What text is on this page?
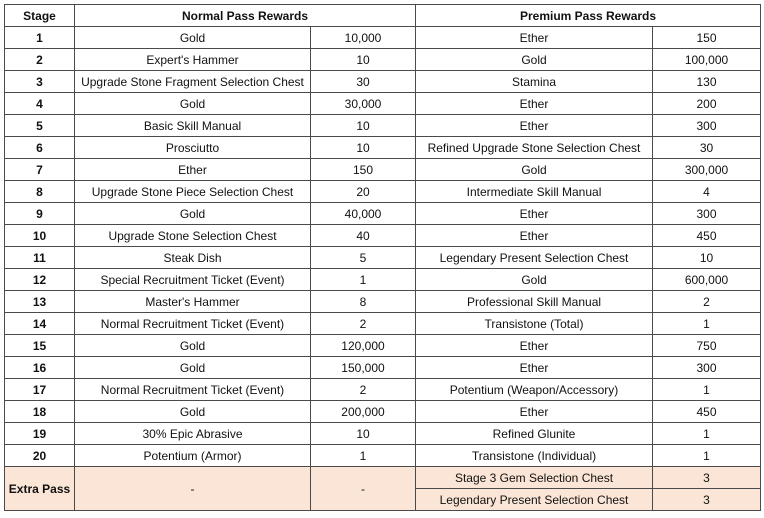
Stage	Normal Pass Rewards		Premium Pass Rewards	
1	Gold	10,000	Ether	150
2	Expert's Hammer	10	Gold	100,000
3	Upgrade Stone Fragment Selection Chest	30	Stamina	130
4	Gold	30,000	Ether	200
5	Basic Skill Manual	10	Ether	300
6	Prosciutto	10	Refined Upgrade Stone Selection Chest	30
7	Ether	150	Gold	300,000
8	Upgrade Stone Piece Selection Chest	20	Intermediate Skill Manual	4
9	Gold	40,000	Ether	300
10	Upgrade Stone Selection Chest	40	Ether	450
11	Steak Dish	5	Legendary Present Selection Chest	10
12	Special Recruitment Ticket (Event)	1	Gold	600,000
13	Master's Hammer	8	Professional Skill Manual	2
14	Normal Recruitment Ticket (Event)	2	Transistone (Total)	1
15	Gold	120,000	Ether	750
16	Gold	150,000	Ether	300
17	Normal Recruitment Ticket (Event)	2	Potentium (Weapon/Accessory)	1
18	Gold	200,000	Ether	450
19	30% Epic Abrasive	10	Refined Glunite	1
20	Potentium (Armor)	1	Transistone (Individual)	1
Extra Pass	-	-	Stage 3 Gem Selection Chest	3
			Legendary Present Selection Chest	3
